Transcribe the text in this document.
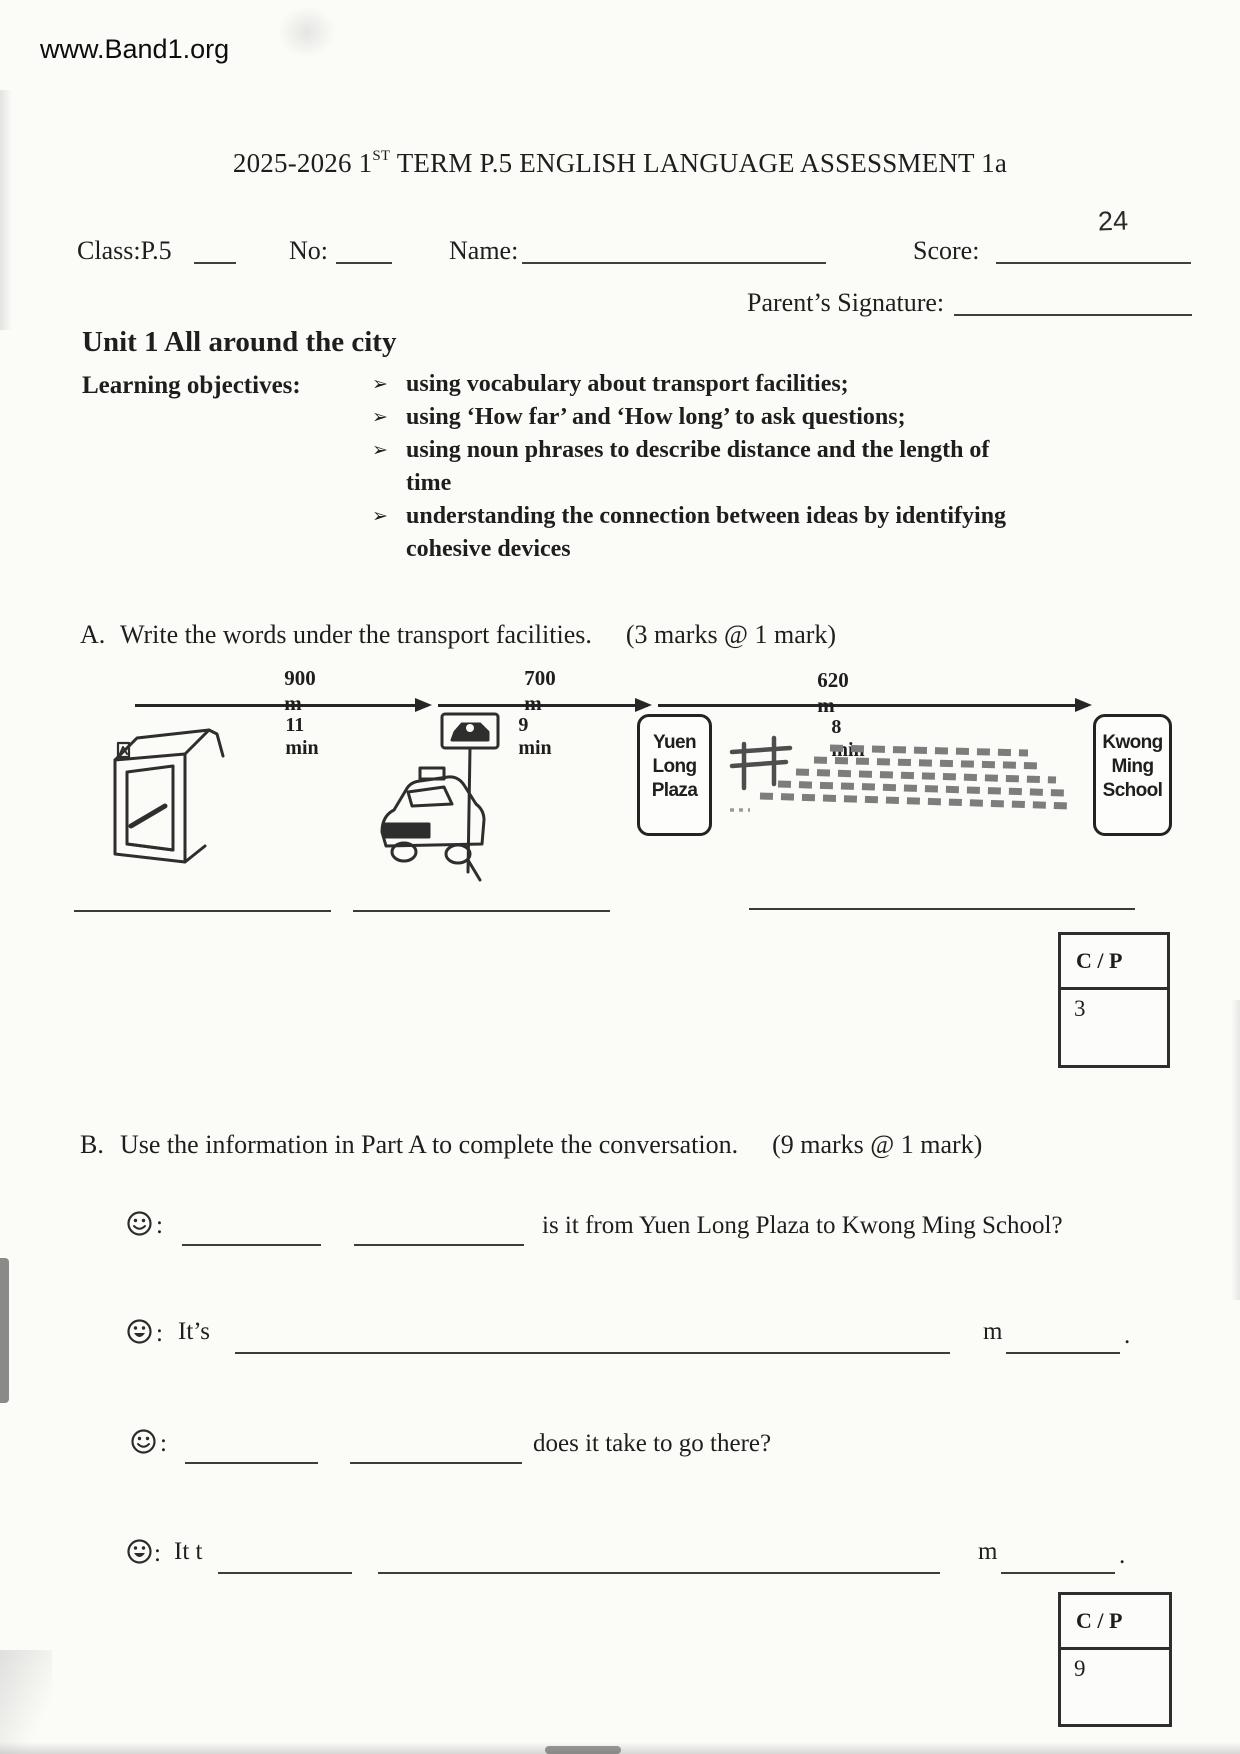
www.Band1.org
2025-2026 1ST TERM P.5 ENGLISH LANGUAGE ASSESSMENT 1a
Class:P.5	No:	Name:	Score:
24
Parent’s Signature:
Unit 1 All around the city
Learning objectives:	➢ using vocabulary about transport facilities;
➢ using ‘How far’ and ‘How long’ to ask questions;
➢ using noun phrases to describe distance and the length of
time
➢ understanding the connection between ideas by identifying
cohesive devices
A. Write the words under the transport facilities. (3 marks @ 1 mark)
900 m
11 min
700 m
9 min
620 m
8 min
Yuen
Long
Plaza
Kwong
Ming
School
C / P
3
B. Use the information in Part A to complete the conversation. (9 marks @ 1 mark)
:	is it from Yuen Long Plaza to Kwong Ming School?
: It’s	m	.
:	does it take to go there?
: It t	m	.
C / P
9
